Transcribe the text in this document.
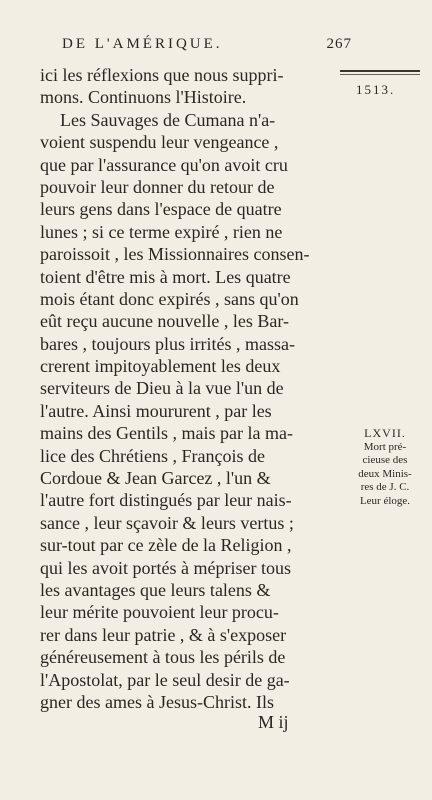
DE L'AMÉRIQUE.	267
1513.
ici les réflexions que nous suppri-
mons. Continuons l'Histoire.
Les Sauvages de Cumana n'a-
voient suspendu leur vengeance ,
que par l'assurance qu'on avoit cru
pouvoir leur donner du retour de
leurs gens dans l'espace de quatre
lunes ; si ce terme expiré , rien ne
paroissoit , les Missionnaires consen-
toient d'être mis à mort. Les quatre
mois étant donc expirés , sans qu'on
eût reçu aucune nouvelle , les Bar-
bares , toujours plus irrités , massa-
crerent impitoyablement les deux
serviteurs de Dieu à la vue l'un de
l'autre. Ainsi moururent , par les
mains des Gentils , mais par la ma-
lice des Chrétiens , François de
Cordoue & Jean Garcez , l'un &
l'autre fort distingués par leur nais-
sance , leur sçavoir & leurs vertus ;
sur-tout par ce zèle de la Religion ,
qui les avoit portés à mépriser tous
les avantages que leurs talens &
leur mérite pouvoient leur procu-
rer dans leur patrie , & à s'exposer
généreusement à tous les périls de
l'Apostolat, par le seul desir de ga-
gner des ames à Jesus-Christ. Ils
LXVII.
Mort pré-
cieuse des
deux Minis-
res de J. C.
Leur éloge.
M ij
